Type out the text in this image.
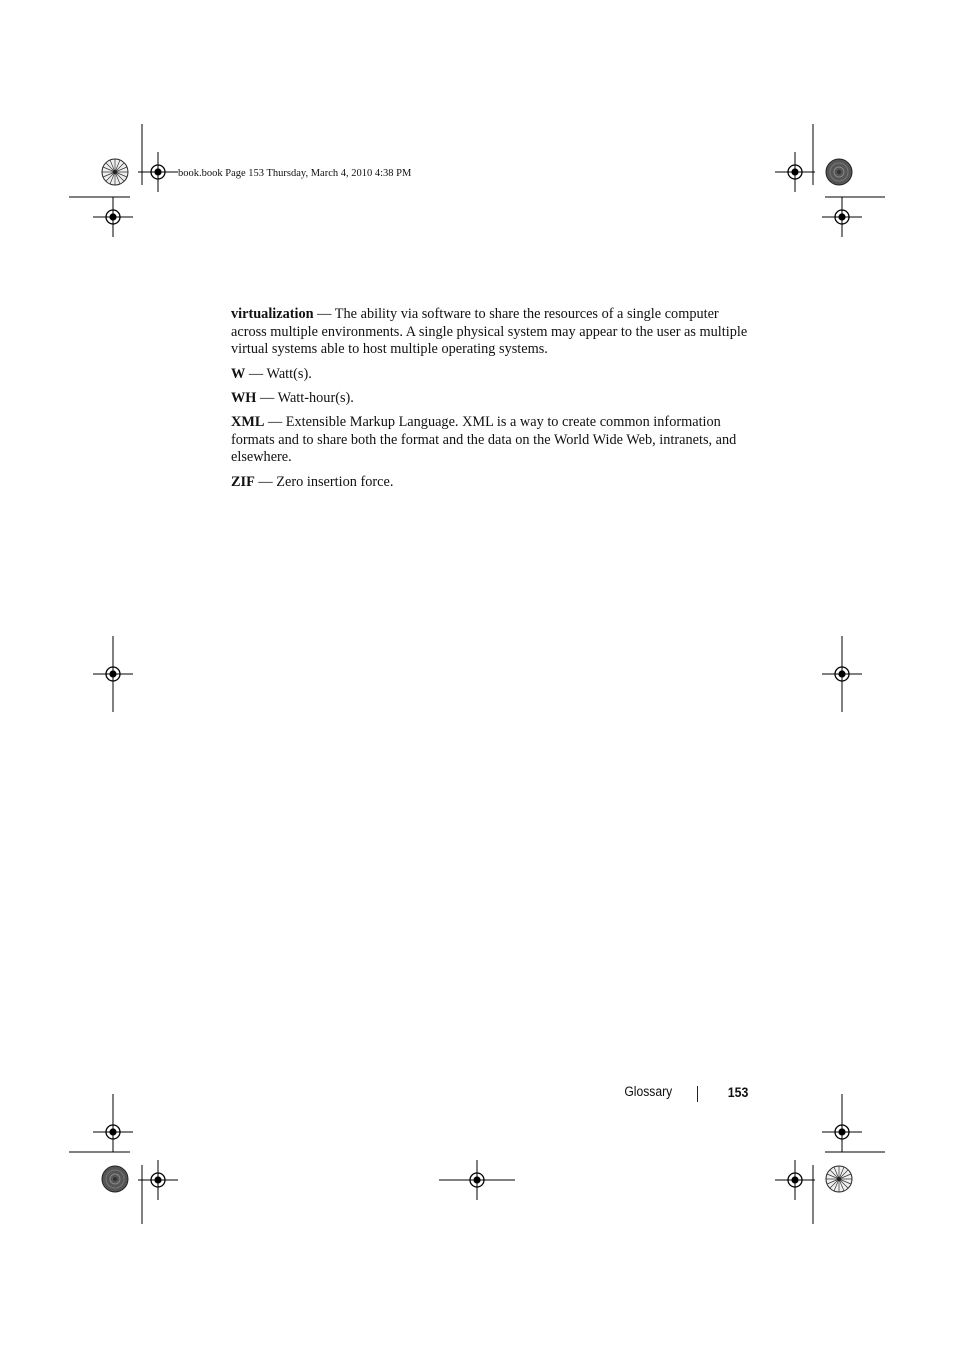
book.book Page 153 Thursday, March 4, 2010 4:38 PM

virtualization — The ability via software to share the resources of a single computer across multiple environments. A single physical system may appear to the user as multiple virtual systems able to host multiple operating systems.

W — Watt(s).

WH — Watt-hour(s).

XML — Extensible Markup Language. XML is a way to create common information formats and to share both the format and the data on the World Wide Web, intranets, and elsewhere.

ZIF — Zero insertion force.

Glossary	153
